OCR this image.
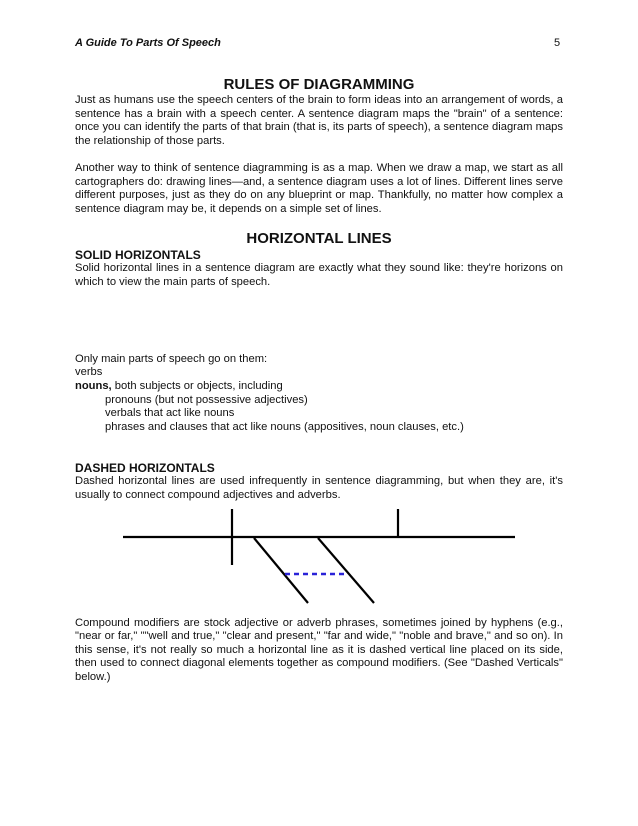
A Guide To Parts Of Speech	5
RULES OF DIAGRAMMING

Just as humans use the speech centers of the brain to form ideas into an arrangement of words, a sentence has a brain with a speech center. A sentence diagram maps the "brain" of a sentence: once you can identify the parts of that brain (that is, its parts of speech), a sentence diagram maps the relationship of those parts.

Another way to think of sentence diagramming is as a map. When we draw a map, we start as all cartographers do: drawing lines—and, a sentence diagram uses a lot of lines. Different lines serve different purposes, just as they do on any blueprint or map. Thankfully, no matter how complex a sentence diagram may be, it depends on a simple set of lines.

HORIZONTAL LINES
SOLID HORIZONTALS

Solid horizontal lines in a sentence diagram are exactly what they sound like: they're horizons on which to view the main parts of speech.

Only main parts of speech go on them:

verbs
nouns, both subjects or objects, including
pronouns (but not possessive adjectives)
verbals that act like nouns
phrases and clauses that act like nouns (appositives, noun clauses, etc.)
DASHED HORIZONTALS

Dashed horizontal lines are used infrequently in sentence diagramming, but when they are, it's usually to connect compound adjectives and adverbs.

Compound modifiers are stock adjective or adverb phrases, sometimes joined by hyphens (e.g., "near or far," ""well and true," "clear and present," "far and wide," "noble and brave," and so on). In this sense, it's not really so much a horizontal line as it is dashed vertical line placed on its side, then used to connect diagonal elements together as compound modifiers. (See "Dashed Verticals" below.)
